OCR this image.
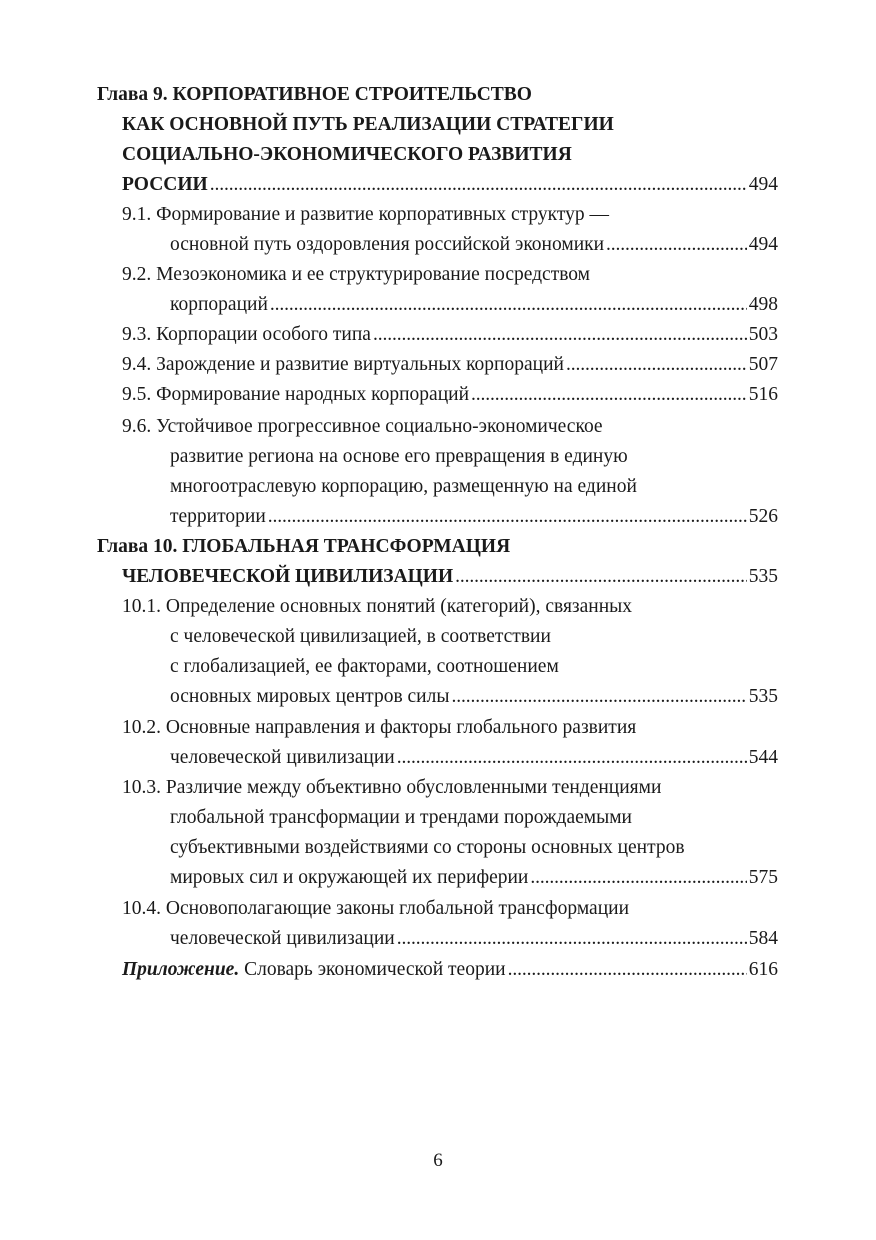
Глава 9. КОРПОРАТИВНОЕ СТРОИТЕЛЬСТВО
КАК ОСНОВНОЙ ПУТЬ РЕАЛИЗАЦИИ СТРАТЕГИИ
СОЦИАЛЬНО-ЭКОНОМИЧЕСКОГО РАЗВИТИЯ
РОССИИ . . .	494
9.1. Формирование и развитие корпоративных структур —
основной путь оздоровления российской экономики . . .	494
9.2. Мезоэкономика и ее структурирование посредством
корпораций . . .	498
9.3. Корпорации особого типа . . .	503
9.4. Зарождение и развитие виртуальных корпораций . . .	507
9.5. Формирование народных корпораций . . .	516
9.6. Устойчивое прогрессивное социально-экономическое
развитие региона на основе его превращения в единую
многоотраслевую корпорацию, размещенную на единой
территории . . .	526
Глава 10. ГЛОБАЛЬНАЯ ТРАНСФОРМАЦИЯ
ЧЕЛОВЕЧЕСКОЙ ЦИВИЛИЗАЦИИ . . .	535
10.1. Определение основных понятий (категорий), связанных
с человеческой цивилизацией, в соответствии
с глобализацией, ее факторами, соотношением
основных мировых центров силы . . .	535
10.2. Основные направления и факторы глобального развития
человеческой цивилизации . . .	544
10.3. Различие между объективно обусловленными тенденциями
глобальной трансформации и трендами порождаемыми
субъективными воздействиями со стороны основных центров
мировых сил и окружающей их периферии . . .	575
10.4. Основополагающие законы глобальной трансформации
человеческой цивилизации . . .	584
Приложение. Словарь экономической теории . . .	616
6
